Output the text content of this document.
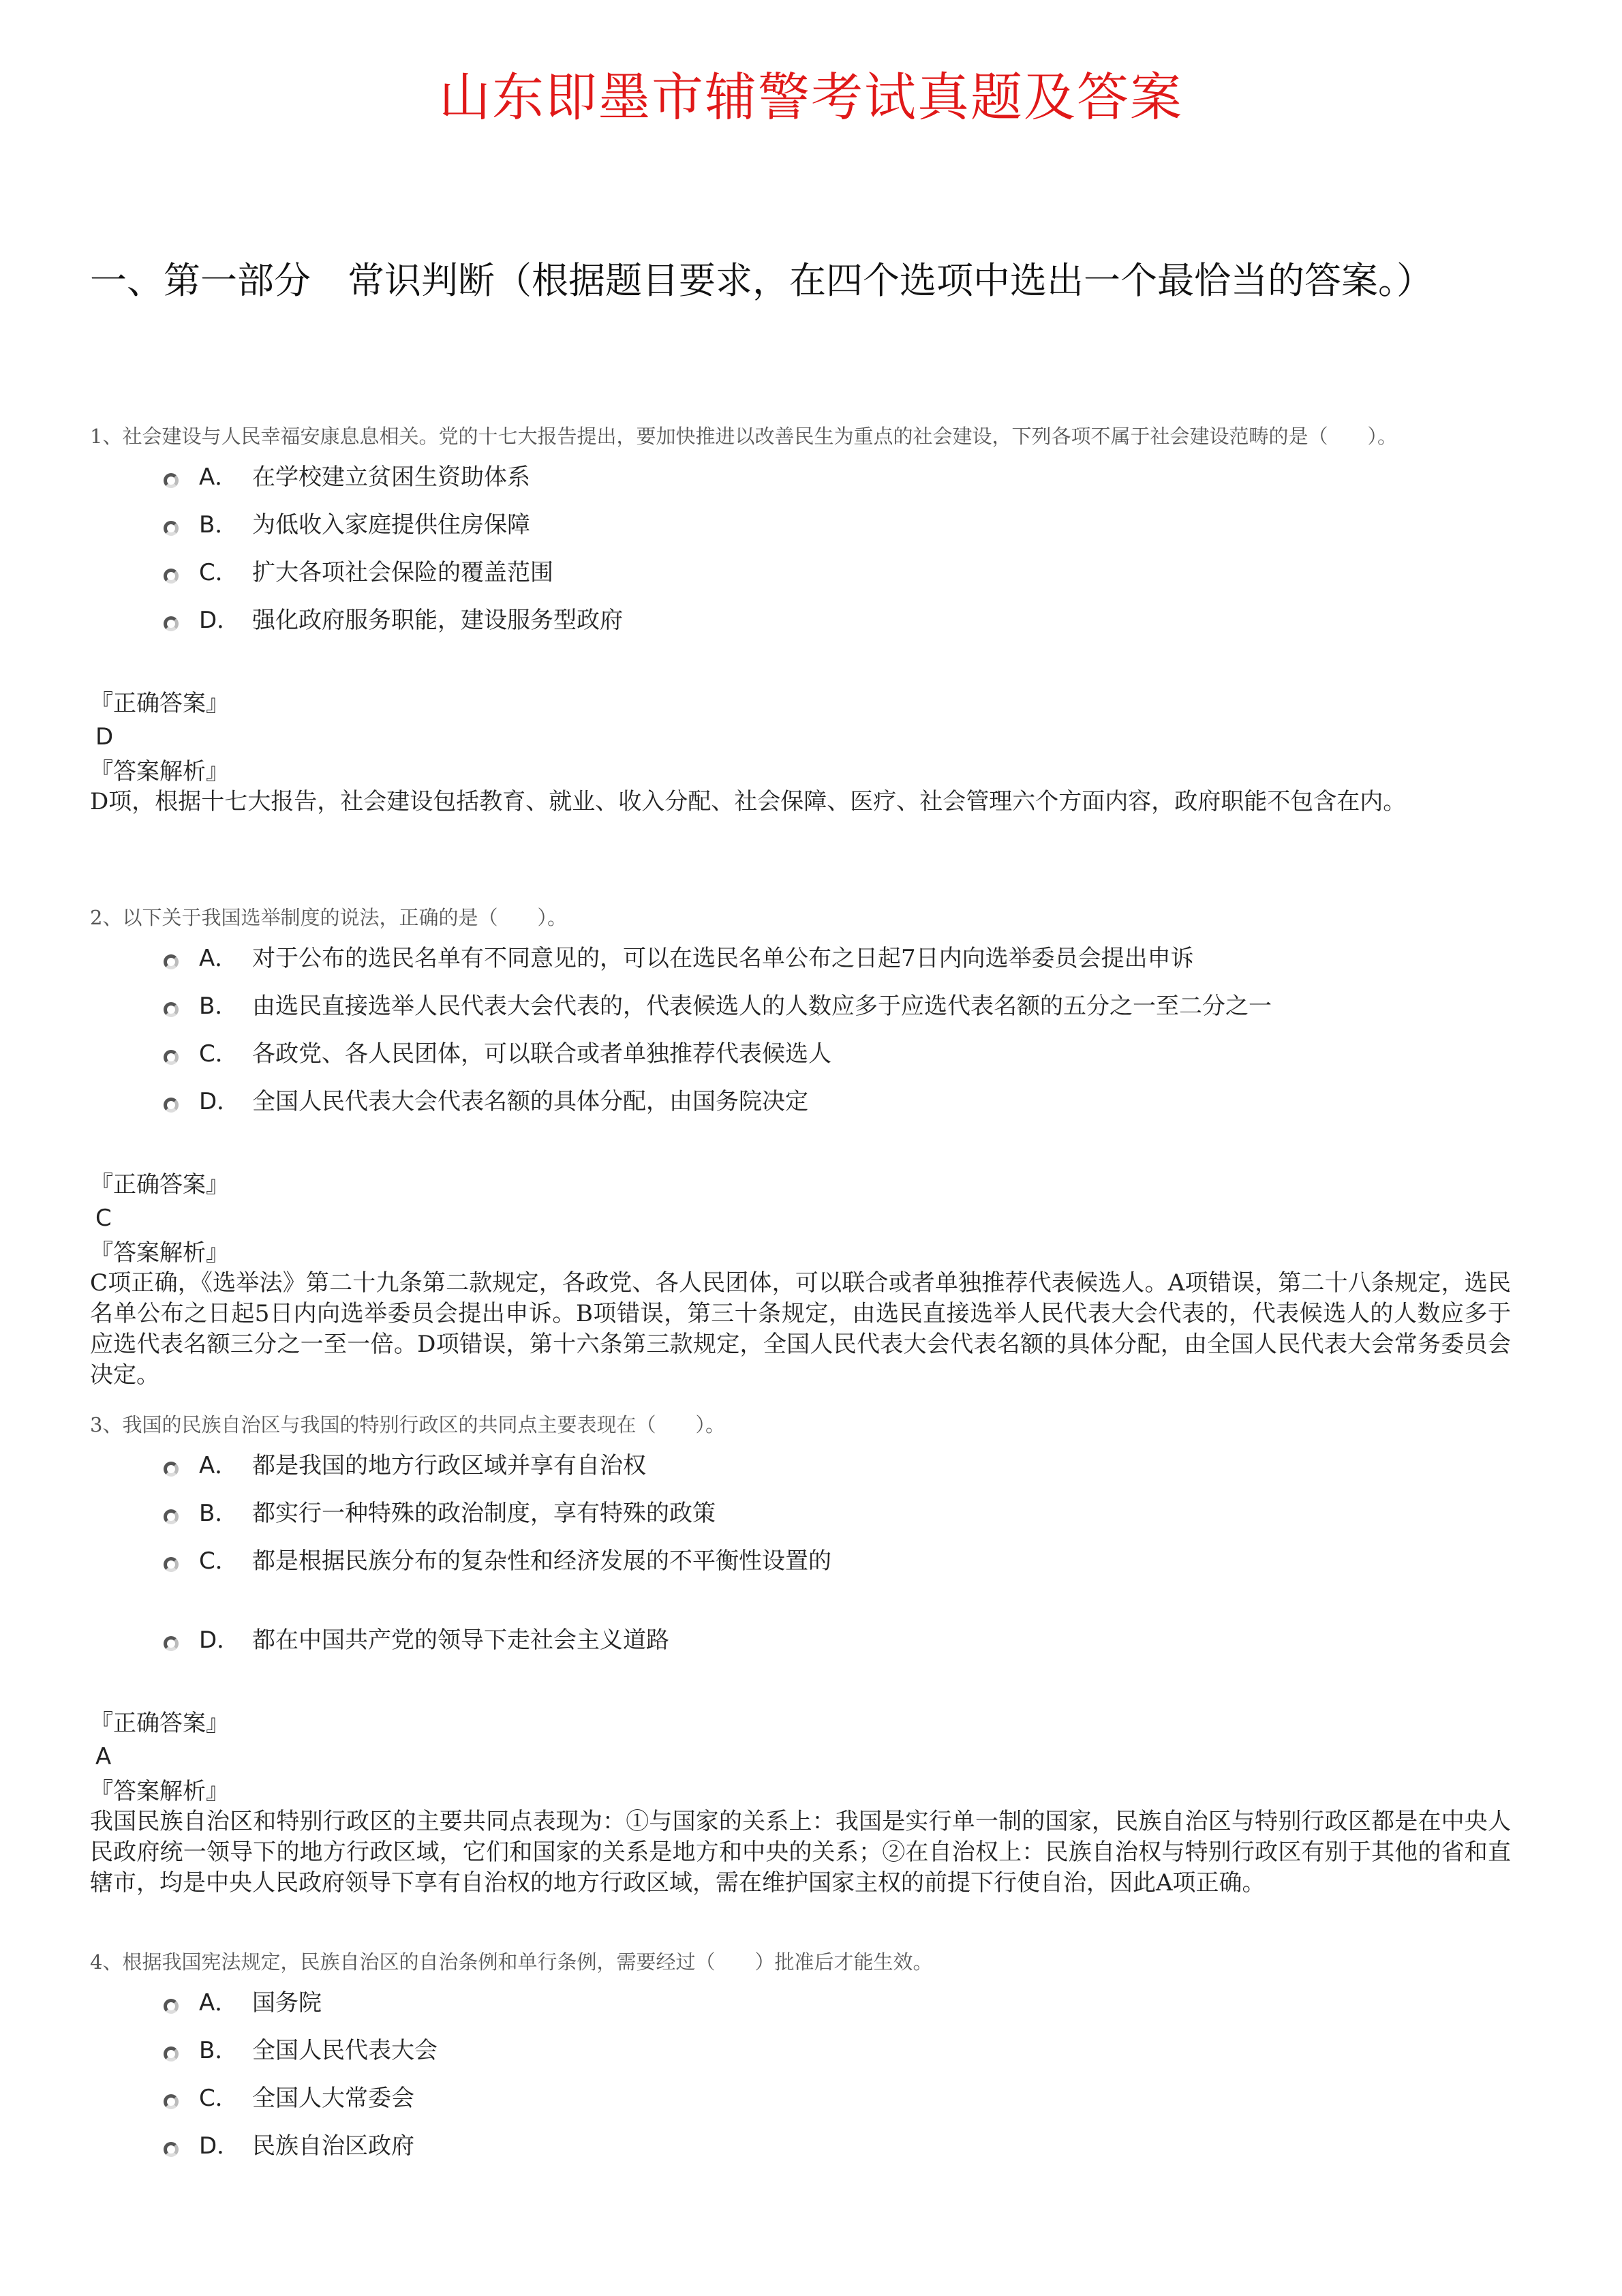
山东即墨市辅警考试真题及答案
一、第一部分　常识判断（根据题目要求，在四个选项中选出一个最恰当的答案。）
1、社会建设与人民幸福安康息息相关。党的十七大报告提出，要加快推进以改善民生为重点的社会建设，下列各项不属于社会建设范畴的是（　　）。
A． 在学校建立贫困生资助体系
B． 为低收入家庭提供住房保障
C． 扩大各项社会保险的覆盖范围
D． 强化政府服务职能，建设服务型政府
『正确答案』
D
『答案解析』
D项，根据十七大报告，社会建设包括教育、就业、收入分配、社会保障、医疗、社会管理六个方面内容，政府职能不包含在内。
2、以下关于我国选举制度的说法，正确的是（　　）。
A． 对于公布的选民名单有不同意见的，可以在选民名单公布之日起7日内向选举委员会提出申诉
B． 由选民直接选举人民代表大会代表的，代表候选人的人数应多于应选代表名额的五分之一至二分之一
C． 各政党、各人民团体，可以联合或者单独推荐代表候选人
D． 全国人民代表大会代表名额的具体分配，由国务院决定
『正确答案』
C
『答案解析』
C项正确，《选举法》第二十九条第二款规定，各政党、各人民团体，可以联合或者单独推荐代表候选人。A项错误，第二十八条规定，选民名单公布之日起5日内向选举委员会提出申诉。B项错误，第三十条规定，由选民直接选举人民代表大会代表的，代表候选人的人数应多于应选代表名额三分之一至一倍。D项错误，第十六条第三款规定，全国人民代表大会代表名额的具体分配，由全国人民代表大会常务委员会决定。
3、我国的民族自治区与我国的特别行政区的共同点主要表现在（　　）。
A． 都是我国的地方行政区域并享有自治权
B． 都实行一种特殊的政治制度，享有特殊的政策
C． 都是根据民族分布的复杂性和经济发展的不平衡性设置的
D． 都在中国共产党的领导下走社会主义道路
『正确答案』
A
『答案解析』
我国民族自治区和特别行政区的主要共同点表现为：①与国家的关系上：我国是实行单一制的国家，民族自治区与特别行政区都是在中央人民政府统一领导下的地方行政区域，它们和国家的关系是地方和中央的关系；②在自治权上：民族自治权与特别行政区有别于其他的省和直辖市，均是中央人民政府领导下享有自治权的地方行政区域，需在维护国家主权的前提下行使自治，因此A项正确。
4、根据我国宪法规定，民族自治区的自治条例和单行条例，需要经过（　　）批准后才能生效。
A． 国务院
B． 全国人民代表大会
C． 全国人大常委会
D． 民族自治区政府
